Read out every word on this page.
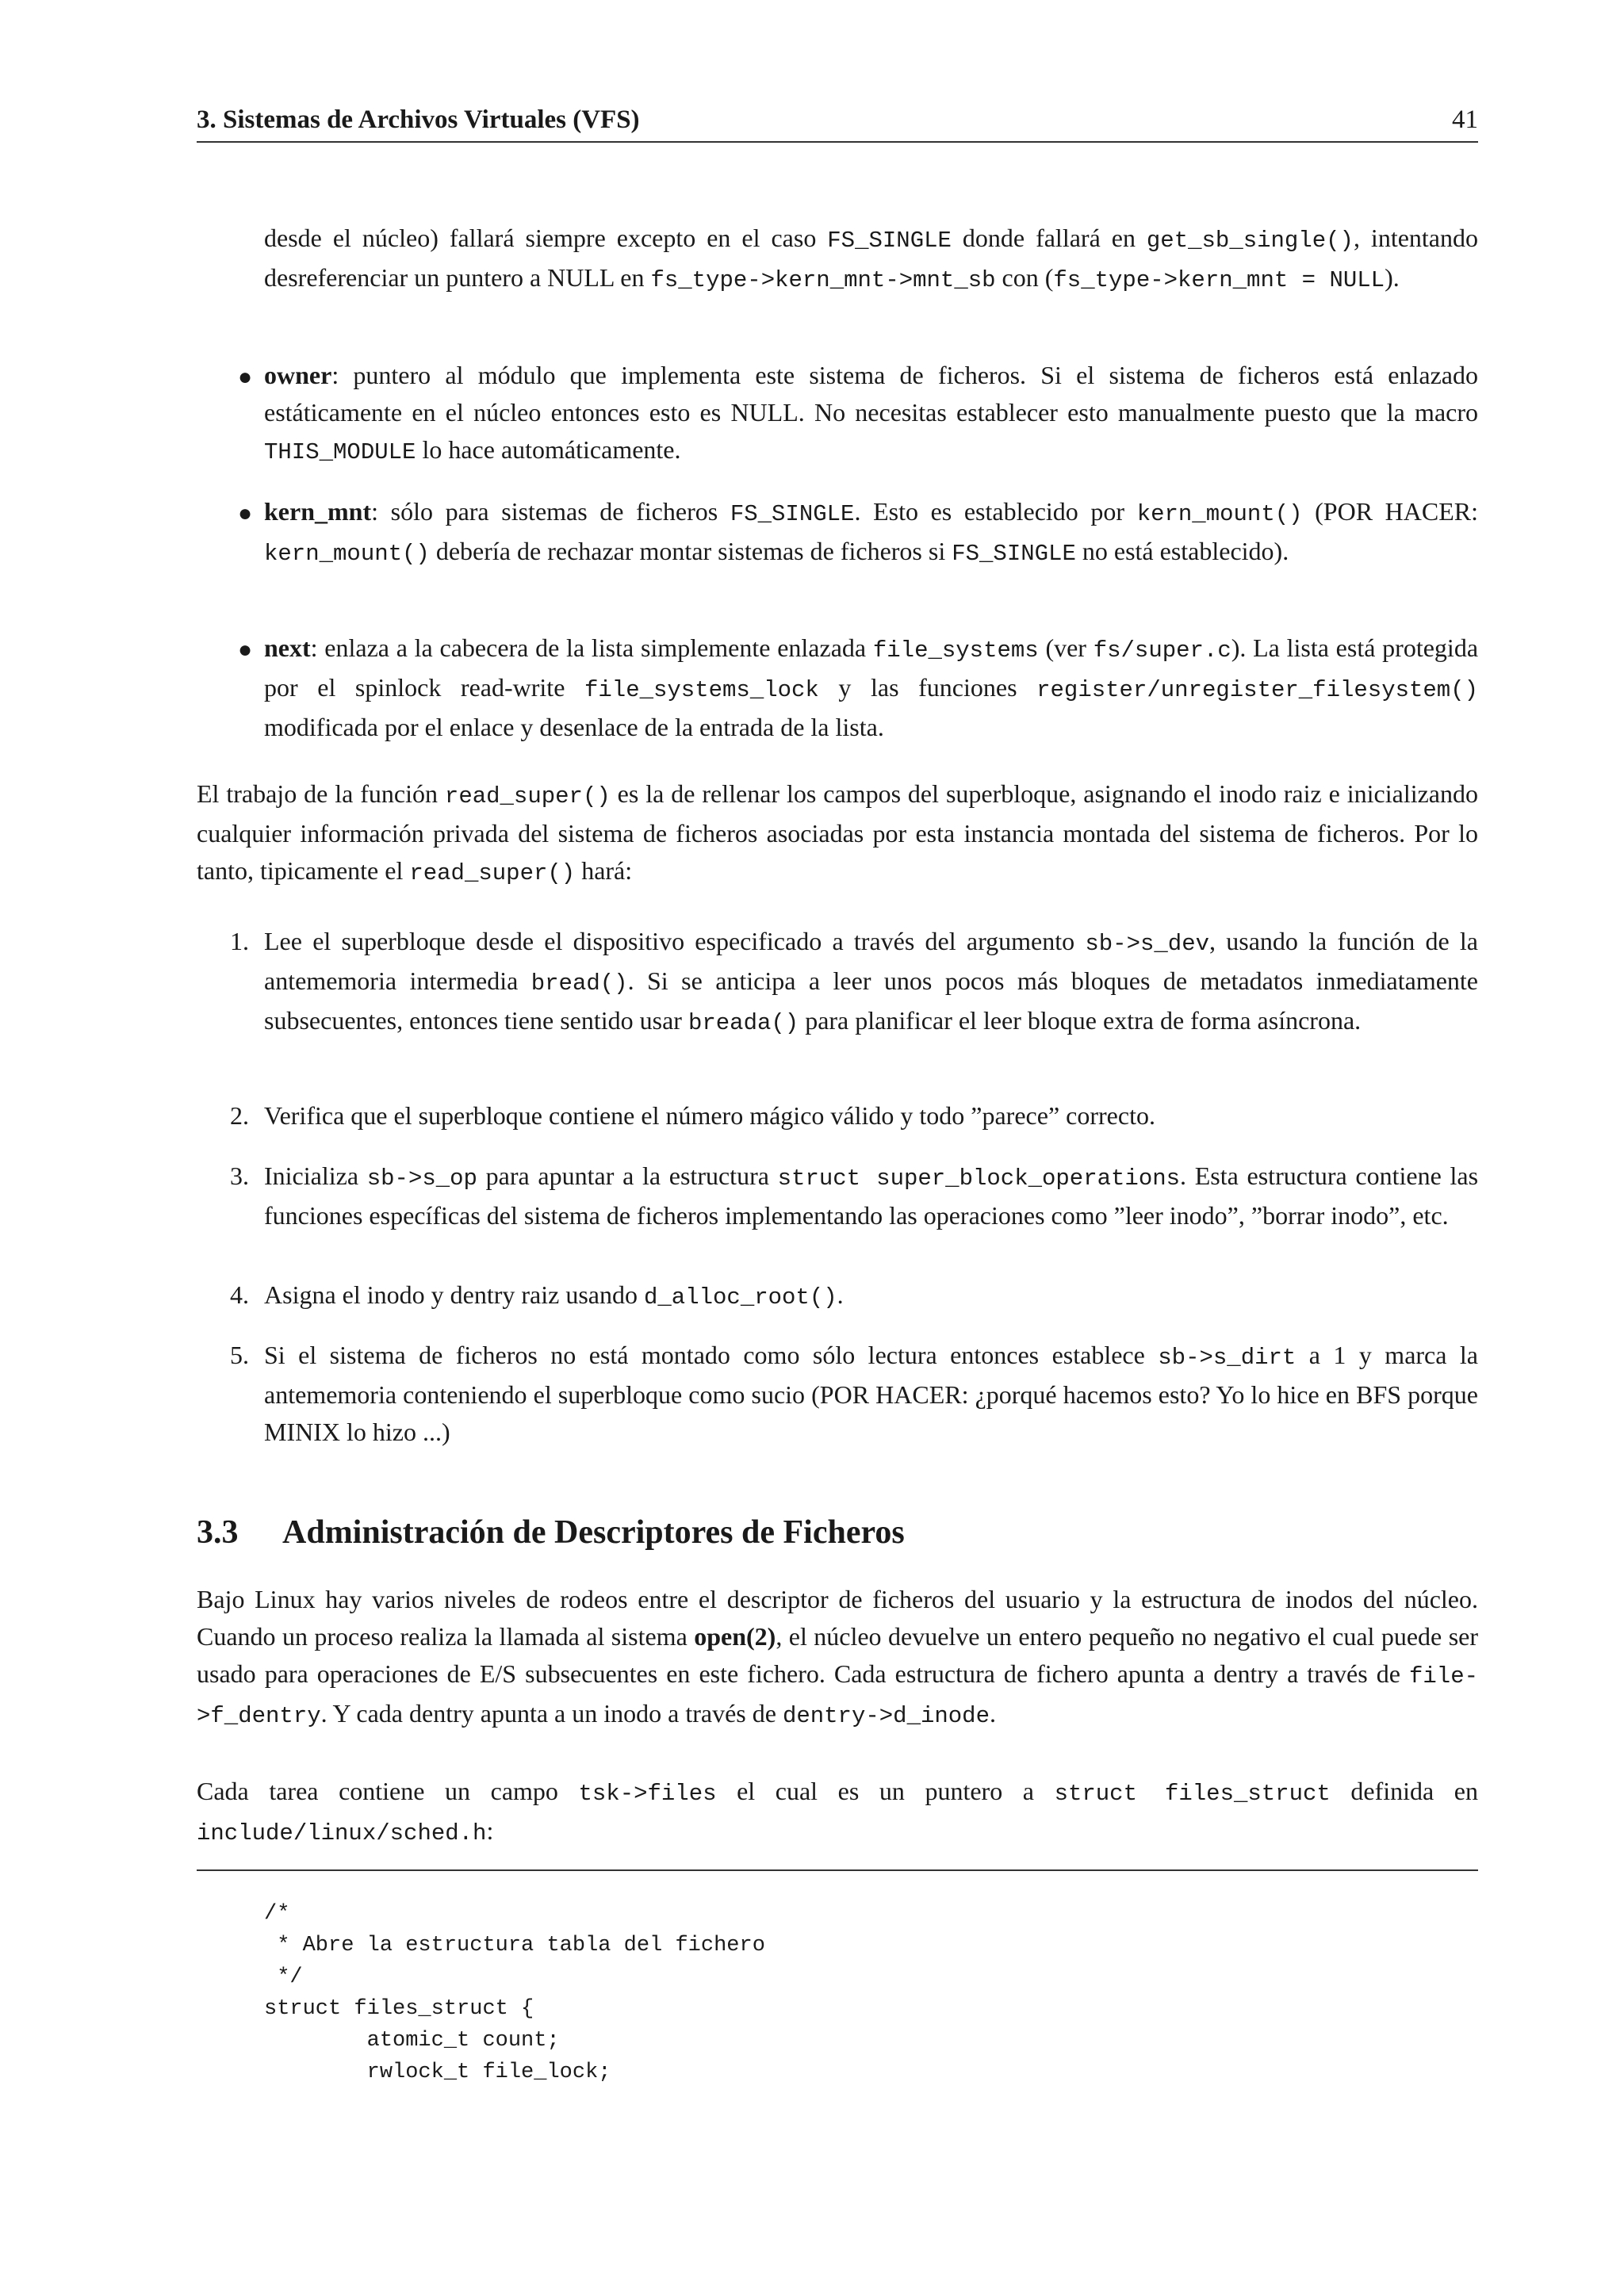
3. Sistemas de Archivos Virtuales (VFS)	41
desde el núcleo) fallará siempre excepto en el caso FS_SINGLE donde fallará en get_sb_single(), intentando desreferenciar un puntero a NULL en fs_type->kern_mnt->mnt_sb con (fs_type->kern_mnt = NULL).
● owner: puntero al módulo que implementa este sistema de ficheros. Si el sistema de ficheros está enlazado estáticamente en el núcleo entonces esto es NULL. No necesitas establecer esto manualmente puesto que la macro THIS_MODULE lo hace automáticamente.
● kern_mnt: sólo para sistemas de ficheros FS_SINGLE. Esto es establecido por kern_mount() (POR HACER: kern_mount() debería de rechazar montar sistemas de ficheros si FS_SINGLE no está establecido).
● next: enlaza a la cabecera de la lista simplemente enlazada file_systems (ver fs/super.c). La lista está protegida por el spinlock read-write file_systems_lock y las funciones register/unregister_filesystem() modificada por el enlace y desenlace de la entrada de la lista.
El trabajo de la función read_super() es la de rellenar los campos del superbloque, asignando el inodo raiz e inicializando cualquier información privada del sistema de ficheros asociadas por esta instancia montada del sistema de ficheros. Por lo tanto, tipicamente el read_super() hará:
1. Lee el superbloque desde el dispositivo especificado a través del argumento sb->s_dev, usando la función de la antememoria intermedia bread(). Si se anticipa a leer unos pocos más bloques de metadatos inmediatamente subsecuentes, entonces tiene sentido usar breada() para planificar el leer bloque extra de forma asíncrona.
2. Verifica que el superbloque contiene el número mágico válido y todo ”parece” correcto.
3. Inicializa sb->s_op para apuntar a la estructura struct super_block_operations. Esta estructura contiene las funciones específicas del sistema de ficheros implementando las operaciones como ”leer inodo”, ”borrar inodo”, etc.
4. Asigna el inodo y dentry raiz usando d_alloc_root().
5. Si el sistema de ficheros no está montado como sólo lectura entonces establece sb->s_dirt a 1 y marca la antememoria conteniendo el superbloque como sucio (POR HACER: ¿porqué hacemos esto? Yo lo hice en BFS porque MINIX lo hizo ...)
3.3 Administración de Descriptores de Ficheros
Bajo Linux hay varios niveles de rodeos entre el descriptor de ficheros del usuario y la estructura de inodos del núcleo. Cuando un proceso realiza la llamada al sistema open(2), el núcleo devuelve un entero pequeño no negativo el cual puede ser usado para operaciones de E/S subsecuentes en este fichero. Cada estructura de fichero apunta a dentry a través de file->f_dentry. Y cada dentry apunta a un inodo a través de dentry->d_inode.
Cada tarea contiene un campo tsk->files el cual es un puntero a struct files_struct definida en include/linux/sched.h:
/*
* Abre la estructura tabla del fichero
*/
struct files_struct {
atomic_t count;
rwlock_t file_lock;
